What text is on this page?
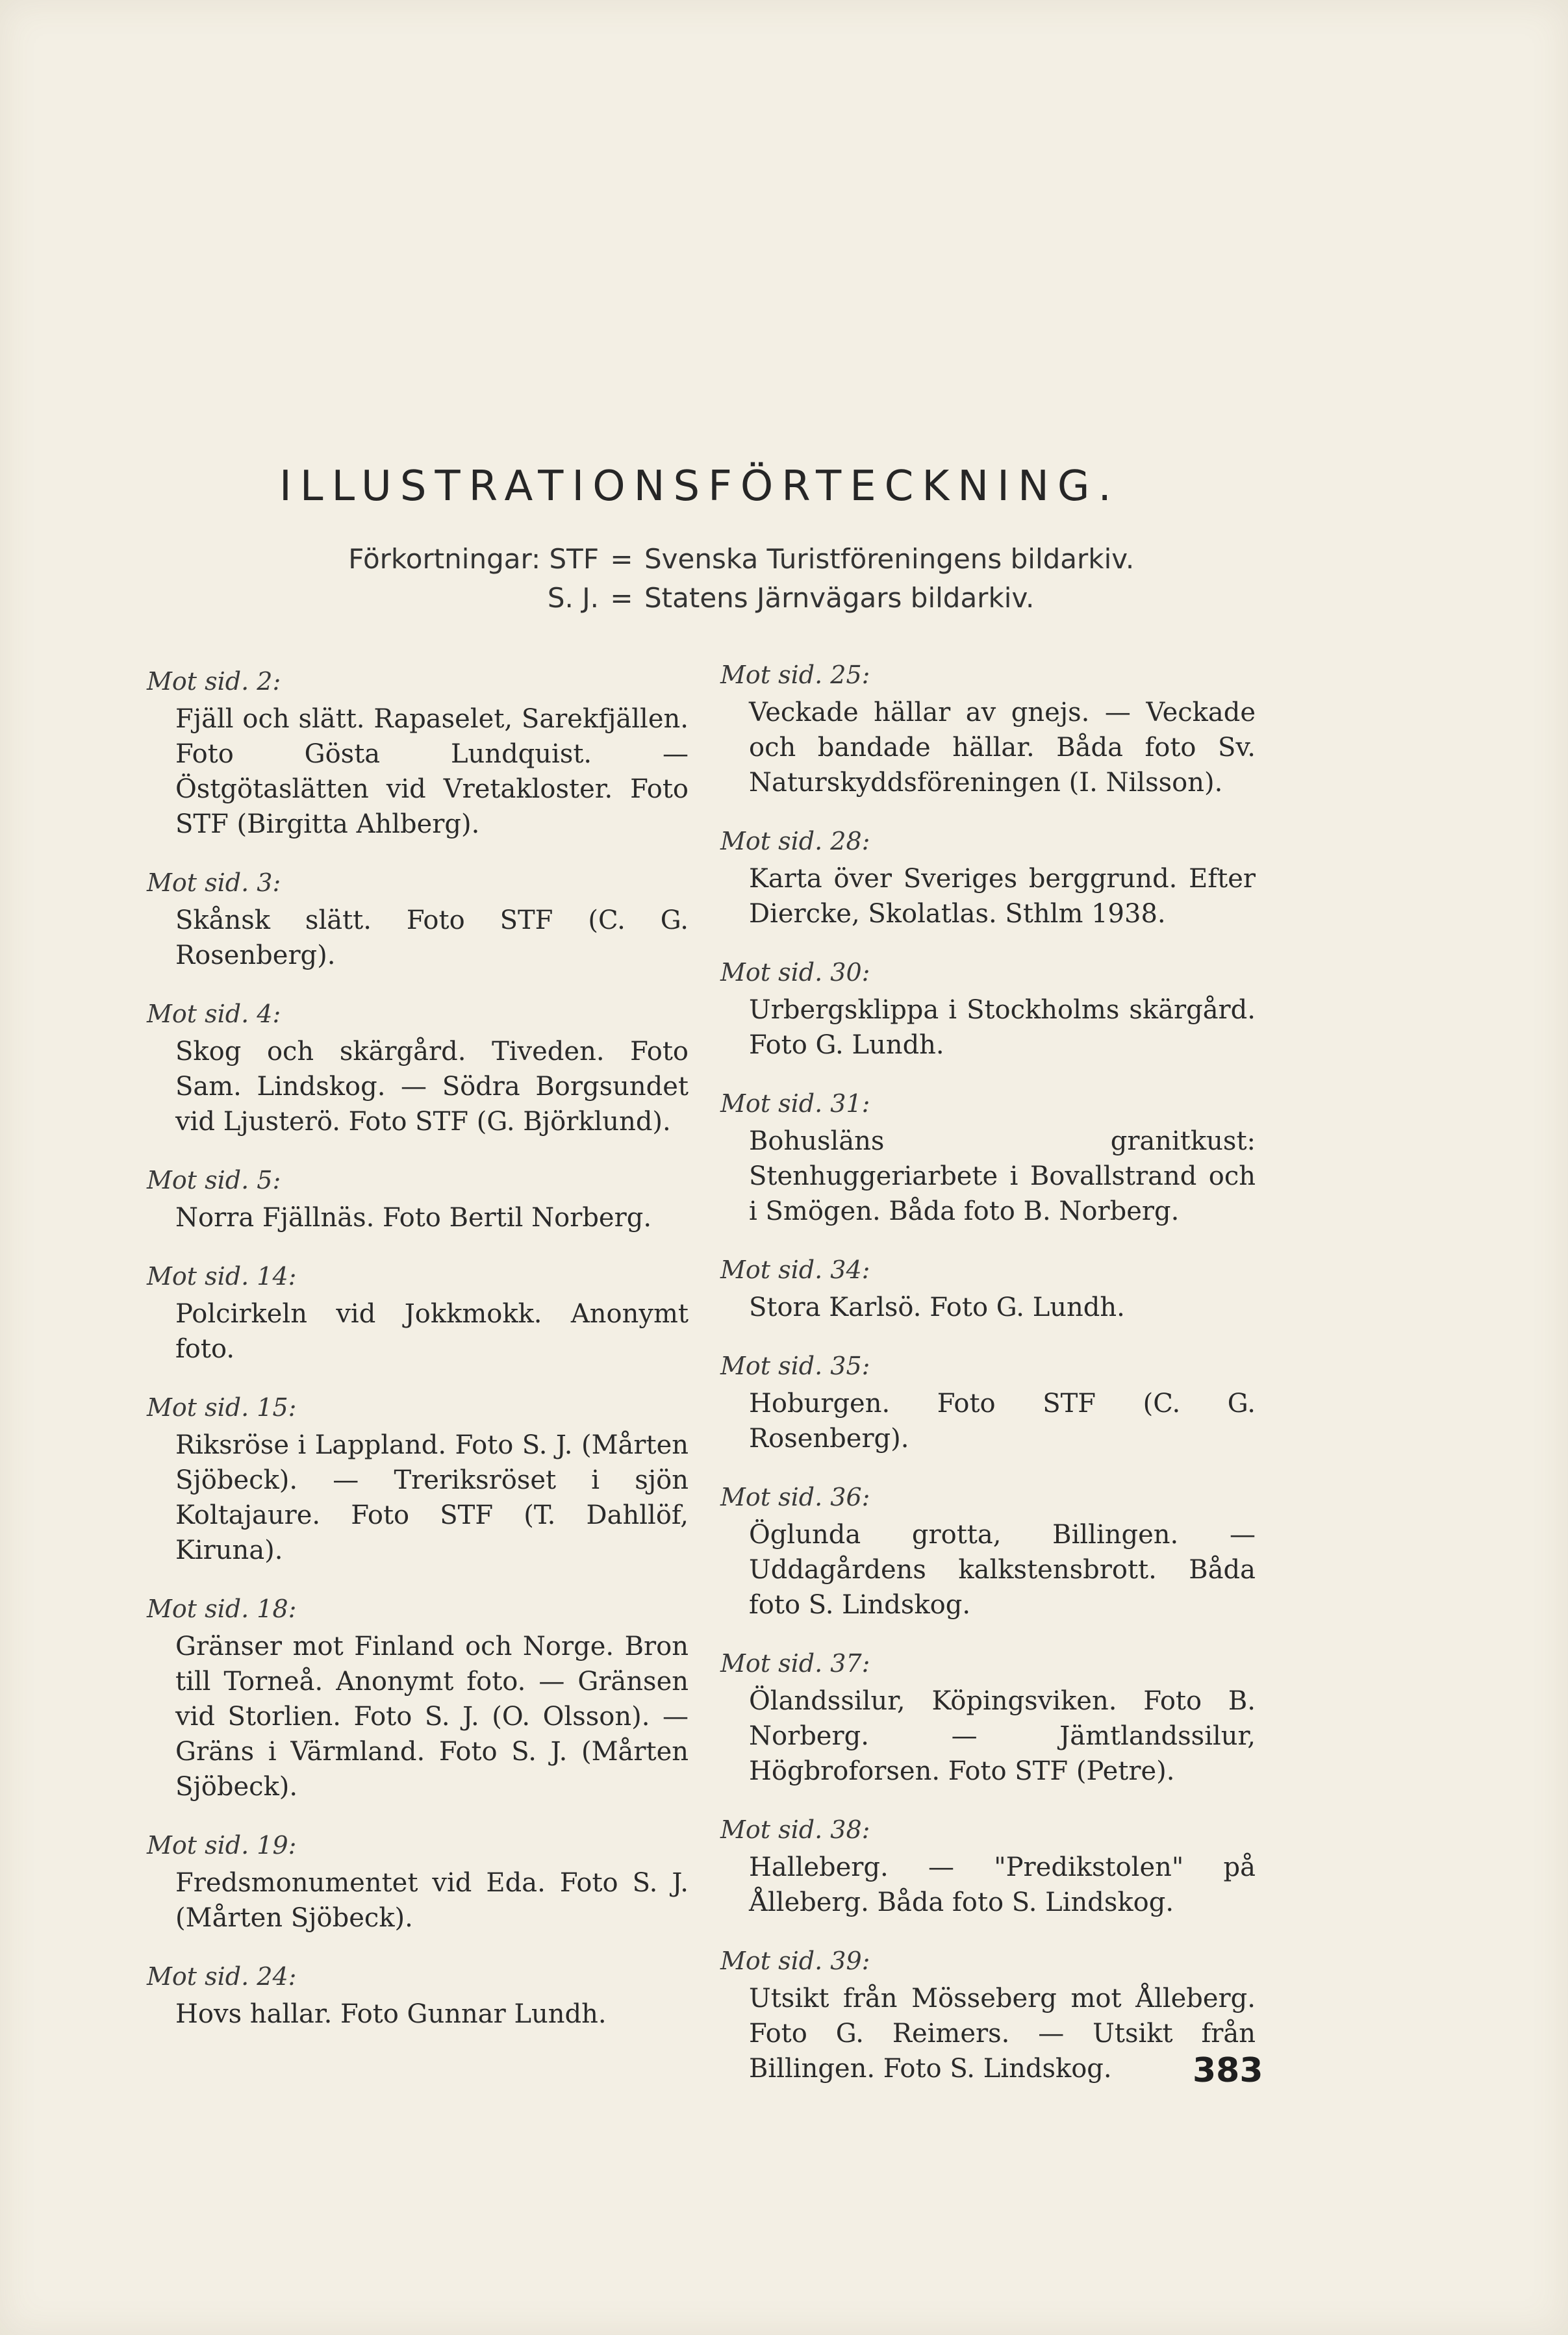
ILLUSTRATIONSFÖRTECKNING.
Förkortningar: STF = Svenska Turistföreningens bildarkiv.
S. J. = Statens Järnvägars bildarkiv.
Mot sid. 2:
Fjäll och slätt. Rapaselet, Sarekfjällen. Foto Gösta Lundquist. — Östgötaslätten vid Vretakloster. Foto STF (Birgitta Ahlberg).
Mot sid. 3:
Skånsk slätt. Foto STF (C. G. Rosenberg).
Mot sid. 4:
Skog och skärgård. Tiveden. Foto Sam. Lindskog. — Södra Borgsundet vid Ljusterö. Foto STF (G. Björklund).
Mot sid. 5:
Norra Fjällnäs. Foto Bertil Norberg.
Mot sid. 14:
Polcirkeln vid Jokkmokk. Anonymt foto.
Mot sid. 15:
Riksröse i Lappland. Foto S. J. (Mårten Sjöbeck). — Treriksröset i sjön Koltajaure. Foto STF (T. Dahllöf, Kiruna).
Mot sid. 18:
Gränser mot Finland och Norge. Bron till Torneå. Anonymt foto. — Gränsen vid Storlien. Foto S. J. (O. Olsson). — Gräns i Värmland. Foto S. J. (Mårten Sjöbeck).
Mot sid. 19:
Fredsmonumentet vid Eda. Foto S. J. (Mårten Sjöbeck).
Mot sid. 24:
Hovs hallar. Foto Gunnar Lundh.
Mot sid. 25:
Veckade hällar av gnejs. — Veckade och bandade hällar. Båda foto Sv. Naturskyddsföreningen (I. Nilsson).
Mot sid. 28:
Karta över Sveriges berggrund. Efter Diercke, Skolatlas. Sthlm 1938.
Mot sid. 30:
Urbergsklippa i Stockholms skärgård. Foto G. Lundh.
Mot sid. 31:
Bohusläns granitkust: Stenhuggeriarbete i Bovallstrand och i Smögen. Båda foto B. Norberg.
Mot sid. 34:
Stora Karlsö. Foto G. Lundh.
Mot sid. 35:
Hoburgen. Foto STF (C. G. Rosenberg).
Mot sid. 36:
Öglunda grotta, Billingen. — Uddagårdens kalkstensbrott. Båda foto S. Lindskog.
Mot sid. 37:
Ölandssilur, Köpingsviken. Foto B. Norberg. — Jämtlandssilur, Högbroforsen. Foto STF (Petre).
Mot sid. 38:
Halleberg. — "Predikstolen" på Ålleberg. Båda foto S. Lindskog.
Mot sid. 39:
Utsikt från Mösseberg mot Ålleberg. Foto G. Reimers. — Utsikt från Billingen. Foto S. Lindskog.	383
